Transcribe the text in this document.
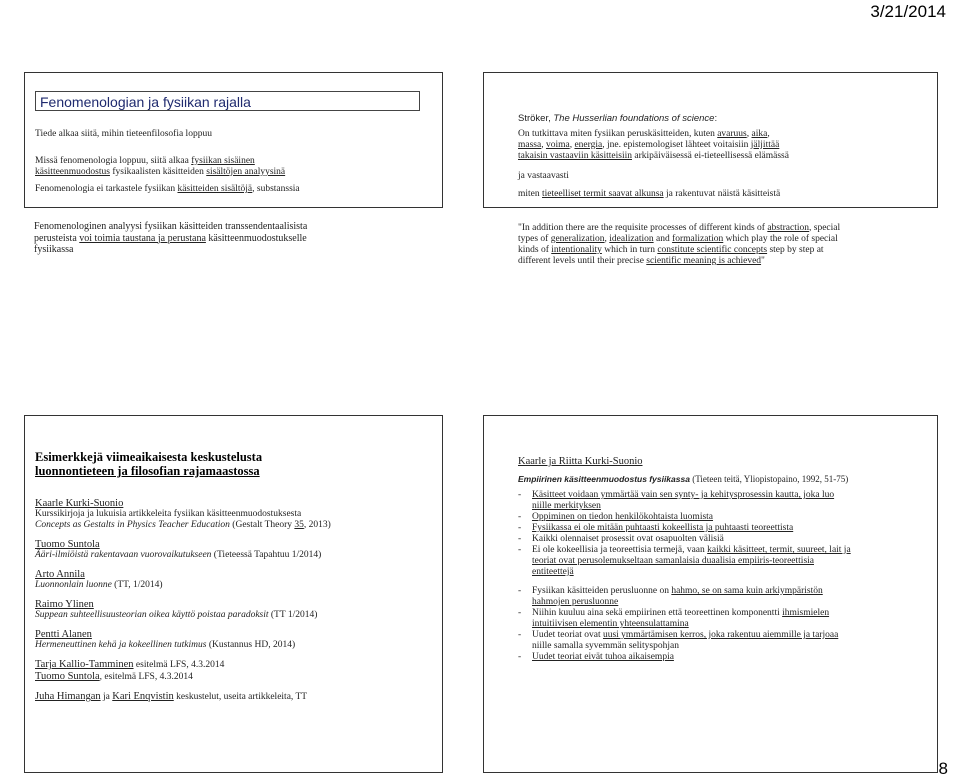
3/21/2014
Fenomenologian ja fysiikan rajalla
Tiede alkaa siitä, mihin tieteenfilosofia loppuu
Missä fenomenologia loppuu, siitä alkaa fysiikan sisäinen
käsitteenmuodostus fysikaalisten käsitteiden sisältöjen analyysinä
Fenomenologia ei tarkastele fysiikan käsitteiden sisältöjä, substanssia
Fenomenologinen analyysi fysiikan käsitteiden transsendentaalisista
perusteista voi toimia taustana ja perustana käsitteenmuodostukselle
fysiikassa
Ströker, The Husserlian foundations of science:
On tutkittava miten fysiikan peruskäsitteiden, kuten avaruus, aika,
massa, voima, energia, jne. epistemologiset lähteet voitaisiin jäljittää
takaisin vastaaviin käsitteisiin arkipäiväisessä ei-tieteellisessä elämässä
ja vastaavasti
miten tieteelliset termit saavat alkunsa ja rakentuvat näistä käsitteistä
"In addition there are the requisite processes of different kinds of abstraction, special
types of generalization, idealization and formalization which play the role of special
kinds of intentionality which in turn constitute scientific concepts step by step at
different levels until their precise scientific meaning is achieved"
Esimerkkejä viimeaikaisesta keskustelusta
luonnontieteen ja filosofian rajamaastossa
Kaarle Kurki-Suonio
Kurssikirjoja ja lukuisia artikkeleita fysiikan käsitteenmuodostuksesta
Concepts as Gestalts in Physics Teacher Education (Gestalt Theory 35, 2013)
Tuomo Suntola
Ääri-ilmiöistä rakentavaan vuorovaikutukseen (Tieteessä Tapahtuu 1/2014)
Arto Annila
Luonnonlain luonne (TT, 1/2014)
Raimo Ylinen
Suppean suhteellisuusteorian oikea käyttö poistaa paradoksit (TT 1/2014)
Pentti Alanen
Hermeneuttinen kehä ja kokeellinen tutkimus (Kustannus HD, 2014)
Tarja Kallio-Tamminen esitelmä LFS, 4.3.2014
Tuomo Suntola, esitelmä LFS, 4.3.2014
Juha Himangan ja Kari Enqvistin keskustelut, useita artikkeleita, TT
Kaarle ja Riitta Kurki-Suonio
Empiirinen käsitteenmuodostus fysiikassa (Tieteen teitä, Yliopistopaino, 1992, 51-75)
- Käsitteet voidaan ymmärtää vain sen synty- ja kehitysprosessin kautta, joka luo
niille merkityksen
- Oppiminen on tiedon henkilökohtaista luomista
- Fysiikassa ei ole mitään puhtaasti kokeellista ja puhtaasti teoreettista
- Kaikki olennaiset prosessit ovat osapuolten välisiä
- Ei ole kokeellisia ja teoreettisia termejä, vaan kaikki käsitteet, termit, suureet, lait ja
teoriat ovat perusolemukseltaan samanlaisia duaalisia empiiris-teoreettisia
entiteettejä
- Fysiikan käsitteiden perusluonne on hahmo, se on sama kuin arkiympäristön
hahmojen perusluonne
- Niihin kuuluu aina sekä empiirinen että teoreettinen komponentti ihmismielen
intuitiivisen elementin yhteensulattamina
- Uudet teoriat ovat uusi ymmärtämisen kerros, joka rakentuu aiemmille ja tarjoaa
niille samalla syvemmän selityspohjan
- Uudet teoriat eivät tuhoa aikaisempia
8
